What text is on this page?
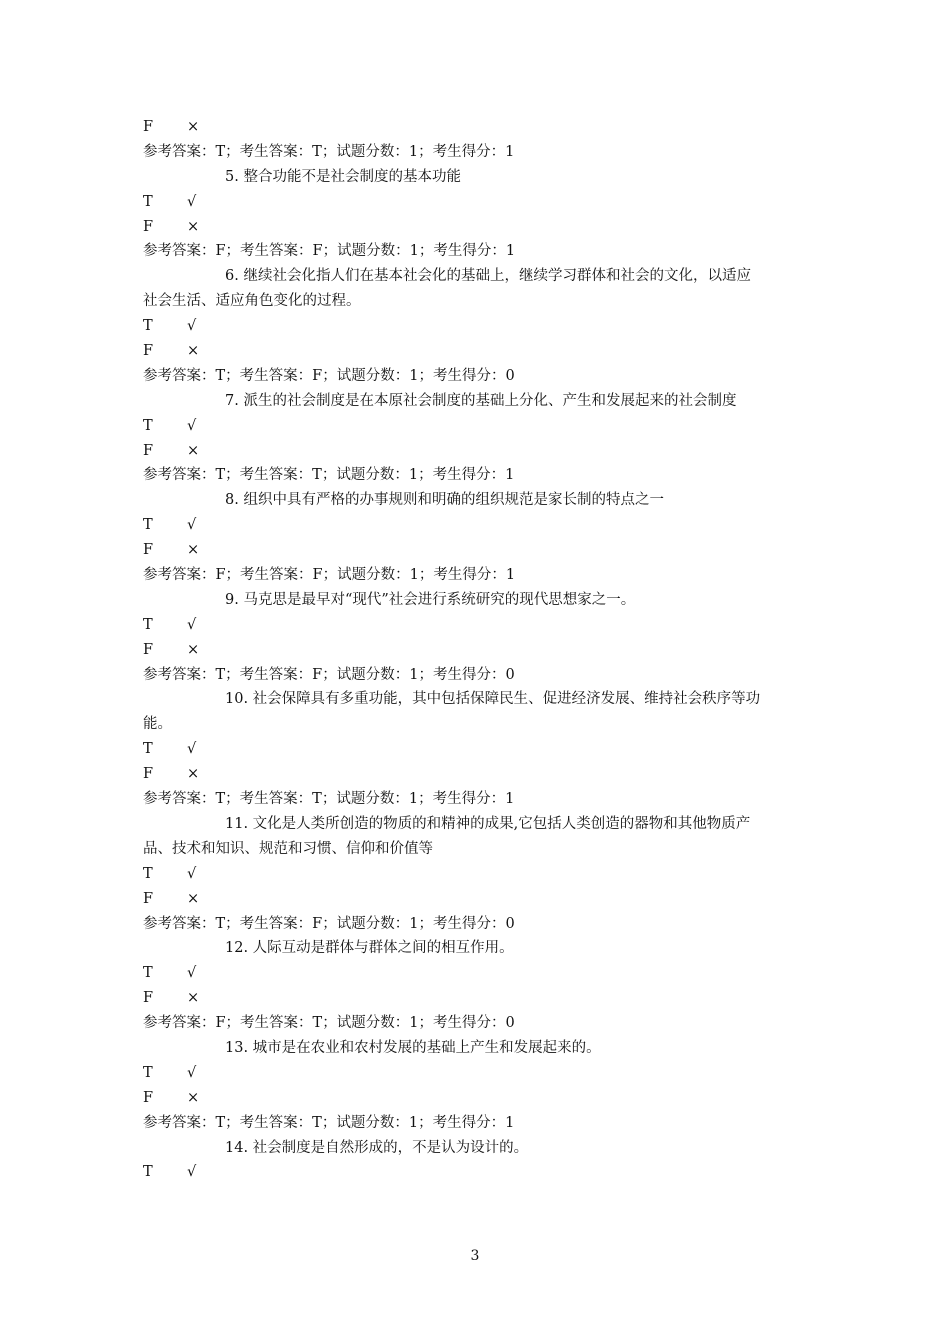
F ×
参考答案：T；考生答案：T；试题分数：1；考生得分：1
5. 整合功能不是社会制度的基本功能
T √
F ×
参考答案：F；考生答案：F；试题分数：1；考生得分：1
6. 继续社会化指人们在基本社会化的基础上，继续学习群体和社会的文化，以适应
社会生活、适应角色变化的过程。
T √
F ×
参考答案：T；考生答案：F；试题分数：1；考生得分：0
7. 派生的社会制度是在本原社会制度的基础上分化、产生和发展起来的社会制度
T √
F ×
参考答案：T；考生答案：T；试题分数：1；考生得分：1
8. 组织中具有严格的办事规则和明确的组织规范是家长制的特点之一
T √
F ×
参考答案：F；考生答案：F；试题分数：1；考生得分：1
9. 马克思是最早对“现代”社会进行系统研究的现代思想家之一。
T √
F ×
参考答案：T；考生答案：F；试题分数：1；考生得分：0
10. 社会保障具有多重功能，其中包括保障民生、促进经济发展、维持社会秩序等功
能。
T √
F ×
参考答案：T；考生答案：T；试题分数：1；考生得分：1
11. 文化是人类所创造的物质的和精神的成果,它包括人类创造的器物和其他物质产
品、技术和知识、规范和习惯、信仰和价值等
T √
F ×
参考答案：T；考生答案：F；试题分数：1；考生得分：0
12. 人际互动是群体与群体之间的相互作用。
T √
F ×
参考答案：F；考生答案：T；试题分数：1；考生得分：0
13. 城市是在农业和农村发展的基础上产生和发展起来的。
T √
F ×
参考答案：T；考生答案：T；试题分数：1；考生得分：1
14. 社会制度是自然形成的，不是认为设计的。
T √
3
